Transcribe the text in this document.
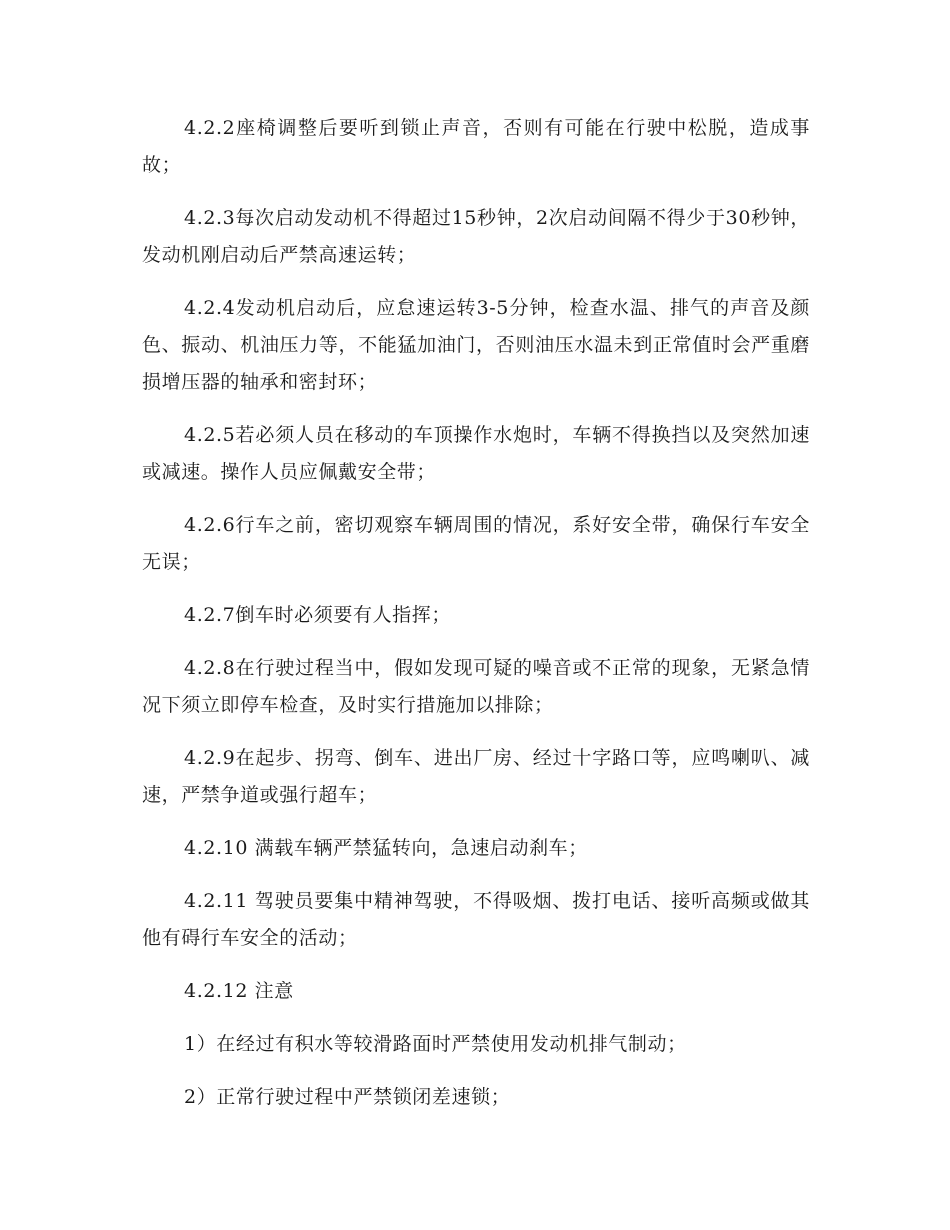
4.2.2座椅调整后要听到锁止声音，否则有可能在行驶中松脱，造成事故；

4.2.3每次启动发动机不得超过15秒钟，2次启动间隔不得少于30秒钟，发动机刚启动后严禁高速运转；

4.2.4发动机启动后，应怠速运转3-5分钟，检查水温、排气的声音及颜色、振动、机油压力等，不能猛加油门，否则油压水温未到正常值时会严重磨损增压器的轴承和密封环；

4.2.5若必须人员在移动的车顶操作水炮时，车辆不得换挡以及突然加速或减速。操作人员应佩戴安全带；

4.2.6行车之前，密切观察车辆周围的情况，系好安全带，确保行车安全无误；

4.2.7倒车时必须要有人指挥；

4.2.8在行驶过程当中，假如发现可疑的噪音或不正常的现象，无紧急情况下须立即停车检查，及时实行措施加以排除；

4.2.9在起步、拐弯、倒车、进出厂房、经过十字路口等，应鸣喇叭、减速，严禁争道或强行超车；

4.2.10 满载车辆严禁猛转向，急速启动刹车；

4.2.11 驾驶员要集中精神驾驶，不得吸烟、拨打电话、接听高频或做其他有碍行车安全的活动；

4.2.12 注意

1）在经过有积水等较滑路面时严禁使用发动机排气制动；

2）正常行驶过程中严禁锁闭差速锁；
